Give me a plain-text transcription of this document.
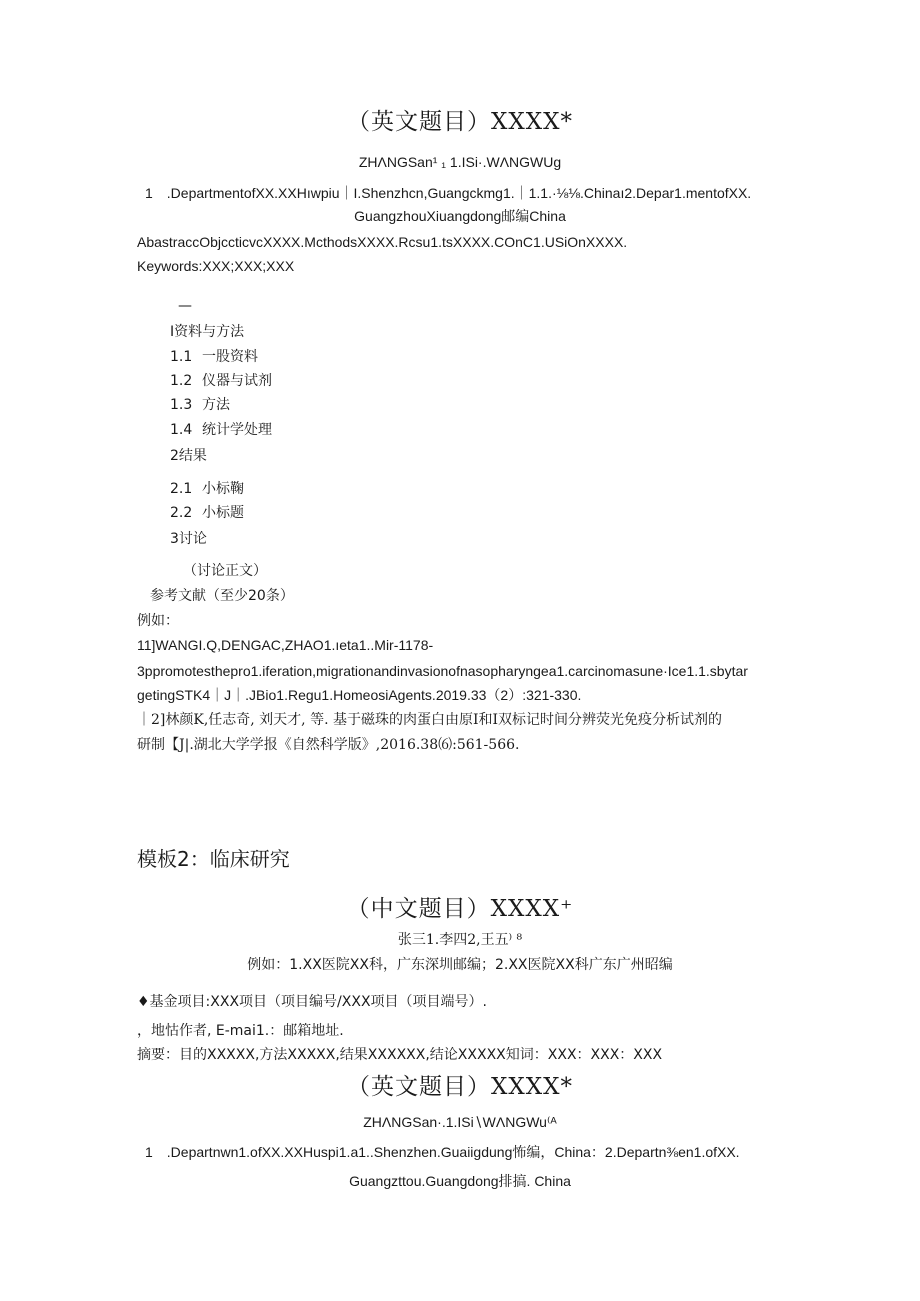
（英文题目）XXXX*
ZHΛNGSan¹ ₁ 1.ISi·.WΛNGWUg
1　.DepartmentofXX.XXHıwpiu｜I.Shenzhcn,Guangckmg1.｜1.1.·⅛⅛.Chinaı2.Depar1.mentofXX.
GuangzhouXiuangdong邮编China
AbastraccObjccticvcXXXX.McthodsXXXX.Rcsu1.tsXXXX.COnC1.USiOnXXXX.
Keywords:XXX;XXX;XXX
—
Ⅰ资料与方法
1.1 一股资料
1.2 仪器与试剂
1.3 方法
1.4 统计学处理
2结果
2.1 小标鞠
2.2 小标题
3讨论
（讨论正文）
参考文献（至少20条）
例如：
11]WANGI.Q,DENGAC,ZHAO1.ıeta1..Mir-1178-
3ppromotesthepro1.iferation,migrationandinvasionofnasopharyngea1.carcinomasune·Ice1.1.sbytar
getingSTK4｜J｜.JBio1.Regu1.HomeosiAgents.2019.33（2）:321-330.
｜2]林颜K,任志奇, 刘天才, 等. 基于磁珠的肉蛋白由原Ⅰ和Ⅰ双标记时间分辨荧光免疫分析试剂的
研制【J|.湖北大学学报《自然科学版》,2016.38⑹:561-566.
模板2：临床研究
（中文题目）XXXX⁺
张三1.李四2,王五⁾ ⁸
例如：1.XX医院XX科，广东深圳邮编；2.XX医院XX科广东广州昭编
♦基金项目:XXX项目（项目编号/XXX项目（项目端号）.
，地怙作者, E-mai1.：邮箱地址.
摘要：目的XXXXX,方法XXXXX,结果XXXXXX,结论XXXXX知词：XXX：XXX：XXX
（英文题目）XXXX*
ZHΛNGSan·.1.ISi∖WΛNGWu⁽ᴬ
1　.Departnwn1.ofXX.XXHuspi1.a1..Shenzhen.Guaiigdung怖编，China：2.Departn⅜en1.ofXX.
Guangzttou.Guangdong排搞. China
